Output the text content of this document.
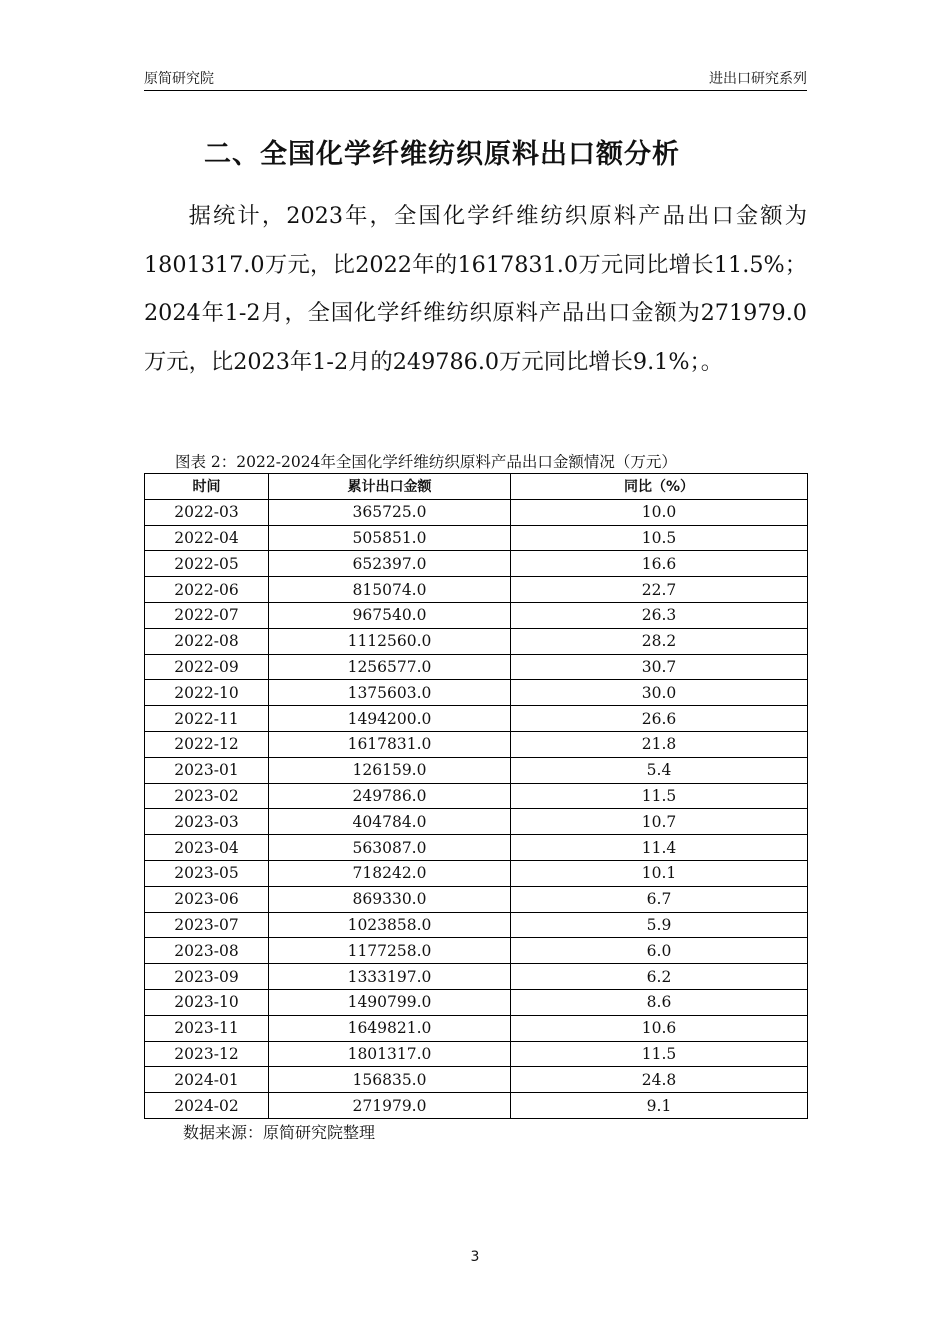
原简研究院	进出口研究系列
二、全国化学纤维纺织原料出口额分析

据统计，2023年，全国化学纤维纺织原料产品出口金额为1801317.0万元，比2022年的1617831.0万元同比增长11.5%；2024年1-2月，全国化学纤维纺织原料产品出口金额为271979.0万元，比2023年1-2月的249786.0万元同比增长9.1%；。

图表 2：2022-2024年全国化学纤维纺织原料产品出口金额情况（万元）
时间	累计出口金额	同比（%）
2022-03	365725.0	10.0
2022-04	505851.0	10.5
2022-05	652397.0	16.6
2022-06	815074.0	22.7
2022-07	967540.0	26.3
2022-08	1112560.0	28.2
2022-09	1256577.0	30.7
2022-10	1375603.0	30.0
2022-11	1494200.0	26.6
2022-12	1617831.0	21.8
2023-01	126159.0	5.4
2023-02	249786.0	11.5
2023-03	404784.0	10.7
2023-04	563087.0	11.4
2023-05	718242.0	10.1
2023-06	869330.0	6.7
2023-07	1023858.0	5.9
2023-08	1177258.0	6.0
2023-09	1333197.0	6.2
2023-10	1490799.0	8.6
2023-11	1649821.0	10.6
2023-12	1801317.0	11.5
2024-01	156835.0	24.8
2024-02	271979.0	9.1
数据来源：原简研究院整理
3
